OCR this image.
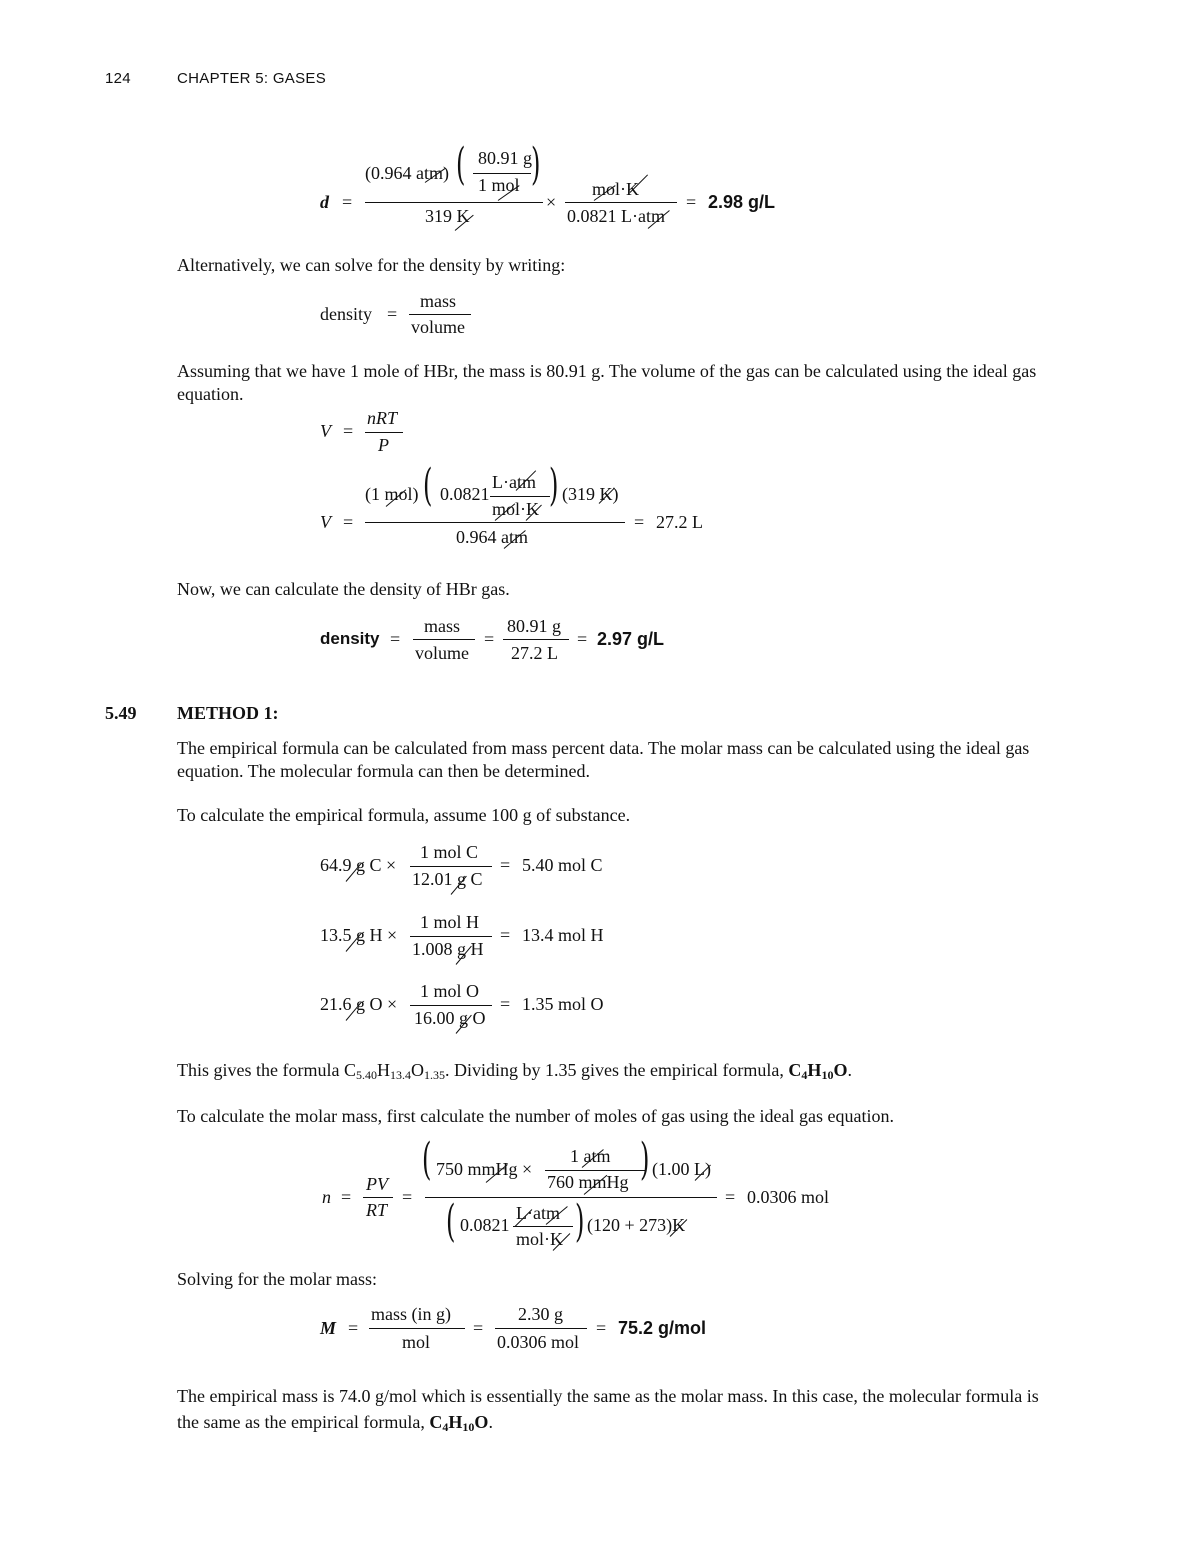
124	CHAPTER 5: GASES
d =
(0.964 atm) ( 80.91 g
1 mol )
319 K
×
mol·K
0.0821 L·atm
= 2.98 g/L
Alternatively, we can solve for the density by writing:
density =
mass
volume
Assuming that we have 1 mole of HBr, the mass is 80.91 g. The volume of the gas can be calculated using the ideal gas equation.
V =
nRT
P
V =
(1 mol) ( 0.0821
L·atm
mol·K ) (319 K)
0.964 atm
= 27.2 L
Now, we can calculate the density of HBr gas.
density =
mass
volume
=
80.91 g
27.2 L
= 2.97 g/L
5.49 METHOD 1:
The empirical formula can be calculated from mass percent data. The molar mass can be calculated using the ideal gas equation. The molecular formula can then be determined.
To calculate the empirical formula, assume 100 g of substance.
64.9 g C ×
1 mol C
12.01 g C
= 5.40 mol C
13.5 g H ×
1 mol H
1.008 g H
= 13.4 mol H
21.6 g O ×
1 mol O
16.00 g O
= 1.35 mol O
This gives the formula $C_{5.40}H_{13.4}O_{1.35}$. Dividing by 1.35 gives the empirical formula, $C_4H_{10}O$.
To calculate the molar mass, first calculate the number of moles of gas using the ideal gas equation.
n =
PV
RT
=
( 750 mmHg ×
1 atm
760 mmHg ) (1.00 L)
( 0.0821
L·atm
mol·K ) (120 + 273)K
= 0.0306 mol
Solving for the molar mass:
M =
mass (in g)
mol
=
2.30 g
0.0306 mol
= 75.2 g/mol
The empirical mass is 74.0 g/mol which is essentially the same as the molar mass. In this case, the molecular formula is the same as the empirical formula, $C_4H_{10}O$.
